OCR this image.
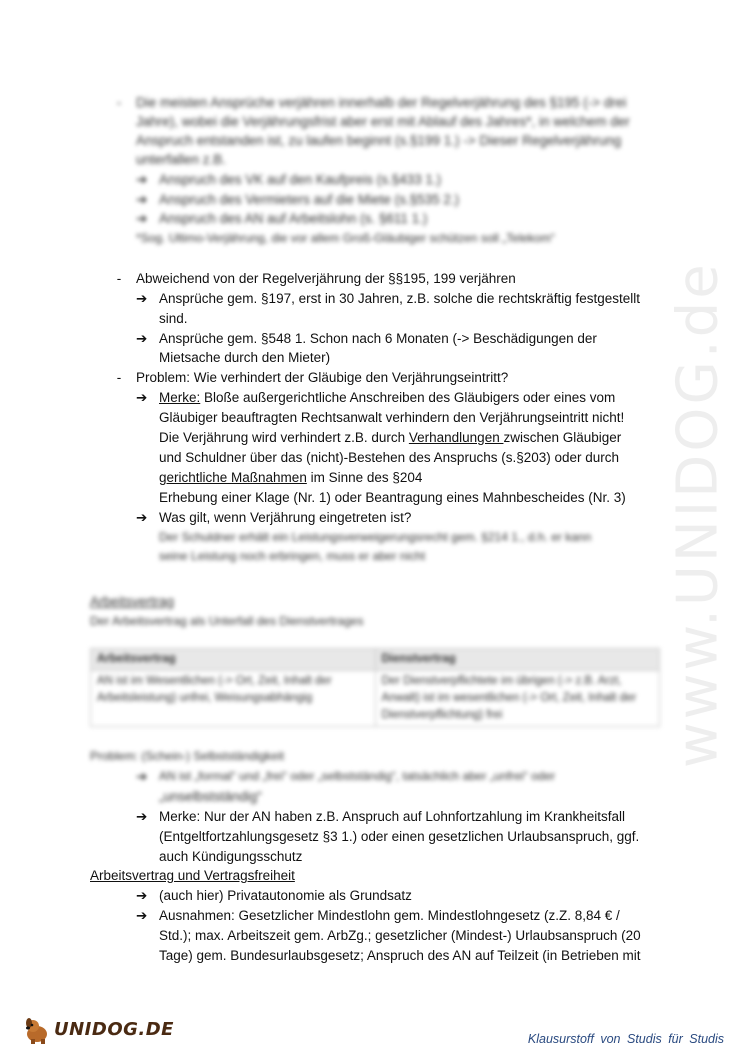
www.UNIDOG.de
- Die meisten Ansprüche verjähren innerhalb der Regelverjährung des §195 (-> drei
Jahre), wobei die Verjährungsfrist aber erst mit Ablauf des Jahres*, in welchem der
Anspruch entstanden ist, zu laufen beginnt (s.§199 1.) -> Dieser Regelverjährung
unterfallen z.B.
➔ Anspruch des VK auf den Kaufpreis (s.§433 1.)
➔ Anspruch des Vermieters auf die Miete (s.§535 2.)
➔ Anspruch des AN auf Arbeitslohn (s. §611 1.)
*Sog. Ultimo-Verjährung, die vor allem Groß-Gläubiger schützen soll „Telekom“
- Abweichend von der Regelverjährung der §§195, 199 verjähren
➔ Ansprüche gem. §197, erst in 30 Jahren, z.B. solche die rechtskräftig festgestellt
sind.
➔ Ansprüche gem. §548 1. Schon nach 6 Monaten (-> Beschädigungen der
Mietsache durch den Mieter)
- Problem: Wie verhindert der Gläubige den Verjährungseintritt?
➔ Merke: Bloße außergerichtliche Anschreiben des Gläubigers oder eines vom
Gläubiger beauftragten Rechtsanwalt verhindern den Verjährungseintritt nicht!
Die Verjährung wird verhindert z.B. durch Verhandlungen zwischen Gläubiger
und Schuldner über das (nicht)-Bestehen des Anspruchs (s.§203) oder durch
gerichtliche Maßnahmen im Sinne des §204
Erhebung einer Klage (Nr. 1) oder Beantragung eines Mahnbescheides (Nr. 3)
➔ Was gilt, wenn Verjährung eingetreten ist?
Der Schuldner erhält ein Leistungsverweigerungsrecht gem. §214 1., d.h. er kann
seine Leistung noch erbringen, muss er aber nicht
Arbeitsvertrag
Der Arbeitsvertrag als Unterfall des Dienstvertrages
Arbeitsvertrag	Dienstvertrag
AN ist im Wesentlichen (-> Ort, Zeit, Inhalt der Arbeitsleistung) unfrei, Weisungsabhängig	Der Dienstverpflichtete im übrigen (-> z.B. Arzt, Anwalt) ist im wesentlichen (-> Ort, Zeit, Inhalt der Dienstverpflichtung) frei
Problem: (Schein-) Selbstständigkeit
➔ AN ist „formal“ und „frei“ oder „selbstständig“, tatsächlich aber „unfrei“ oder
„unselbstständig“
➔ Merke: Nur der AN haben z.B. Anspruch auf Lohnfortzahlung im Krankheitsfall
(Entgeltfortzahlungsgesetz §3 1.) oder einen gesetzlichen Urlaubsanspruch, ggf.
auch Kündigungsschutz
Arbeitsvertrag und Vertragsfreiheit
➔ (auch hier) Privatautonomie als Grundsatz
➔ Ausnahmen: Gesetzlicher Mindestlohn gem. Mindestlohngesetz (z.Z. 8,84 € /
Std.); max. Arbeitszeit gem. ArbZg.; gesetzlicher (Mindest-) Urlaubsanspruch (20
Tage) gem. Bundesurlaubsgesetz; Anspruch des AN auf Teilzeit (in Betrieben mit
UNIDOG.DE	Klausurstoff von Studis für Studis
